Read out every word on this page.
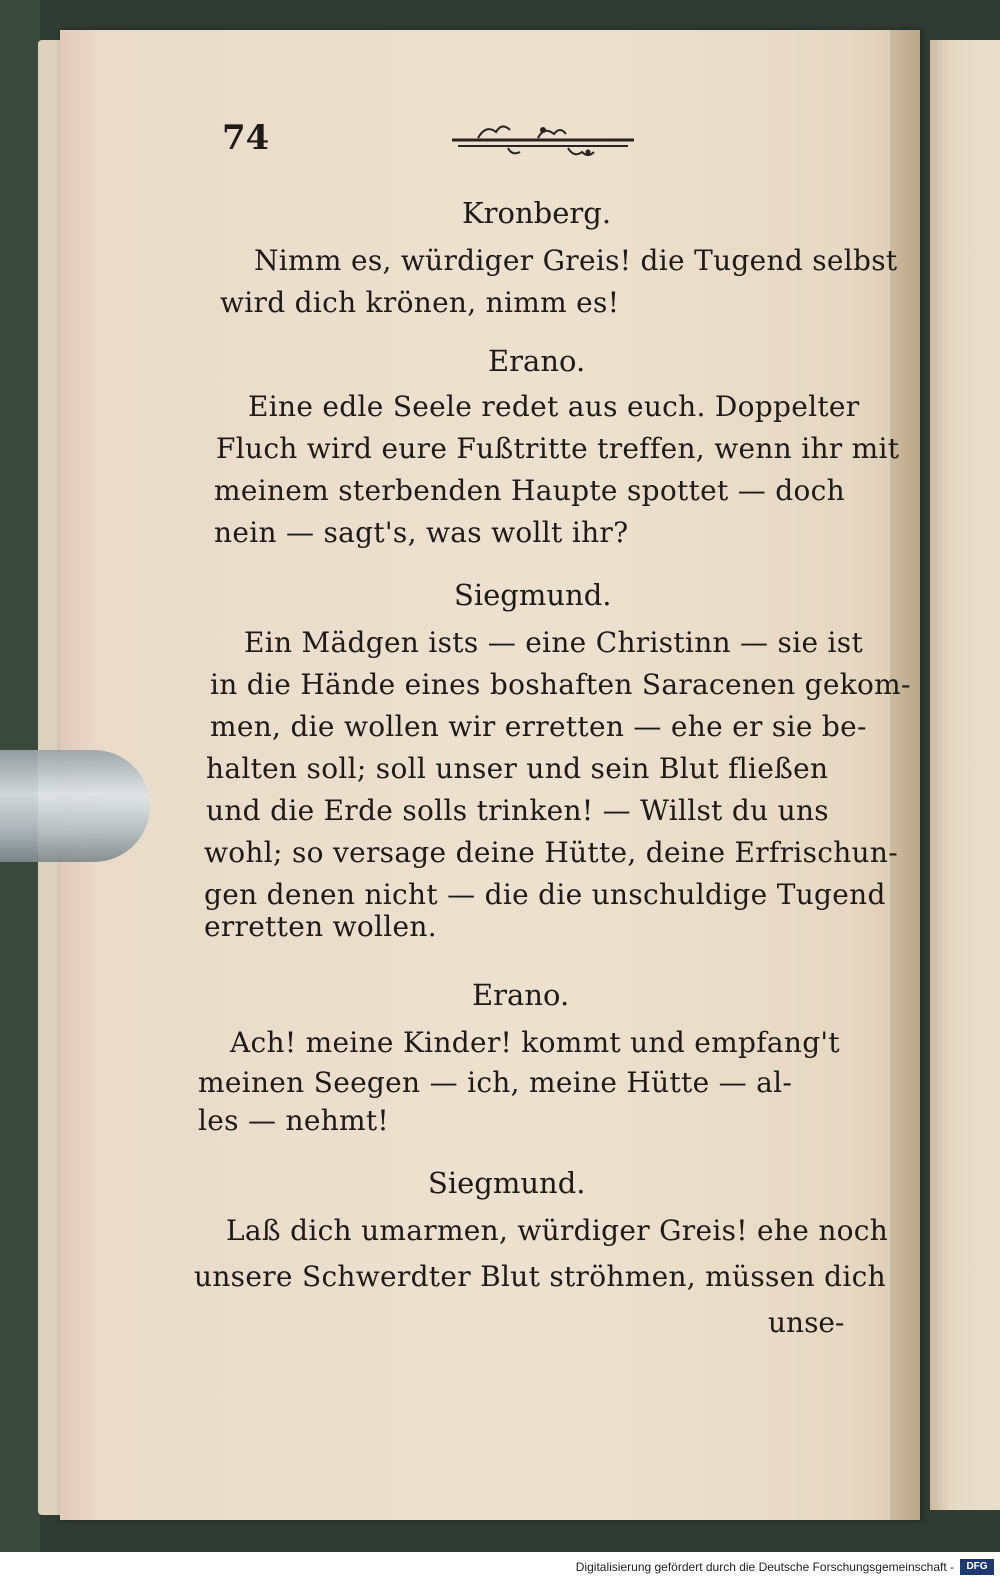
74
Kronberg.
Nimm es, würdiger Greis! die Tugend selbst
wird dich krönen, nimm es!
Erano.
Eine edle Seele redet aus euch. Doppelter
Fluch wird eure Fußtritte treffen, wenn ihr mit
meinem sterbenden Haupte spottet — doch
nein — sagt's, was wollt ihr?
Siegmund.
Ein Mädgen ists — eine Christinn — sie ist
in die Hände eines boshaften Saracenen gekom-
men, die wollen wir erretten — ehe er sie be-
halten soll; soll unser und sein Blut fließen
und die Erde solls trinken! — Willst du uns
wohl; so versage deine Hütte, deine Erfrischun-
gen denen nicht — die die unschuldige Tugend
erretten wollen.
Erano.
Ach! meine Kinder! kommt und empfang't
meinen Seegen — ich, meine Hütte — al-
les — nehmt!
Siegmund.
Laß dich umarmen, würdiger Greis! ehe noch
unsere Schwerdter Blut ströhmen, müssen dich
unse-
Digitalisierung gefördert durch die Deutsche Forschungsgemeinschaft -	DFG
